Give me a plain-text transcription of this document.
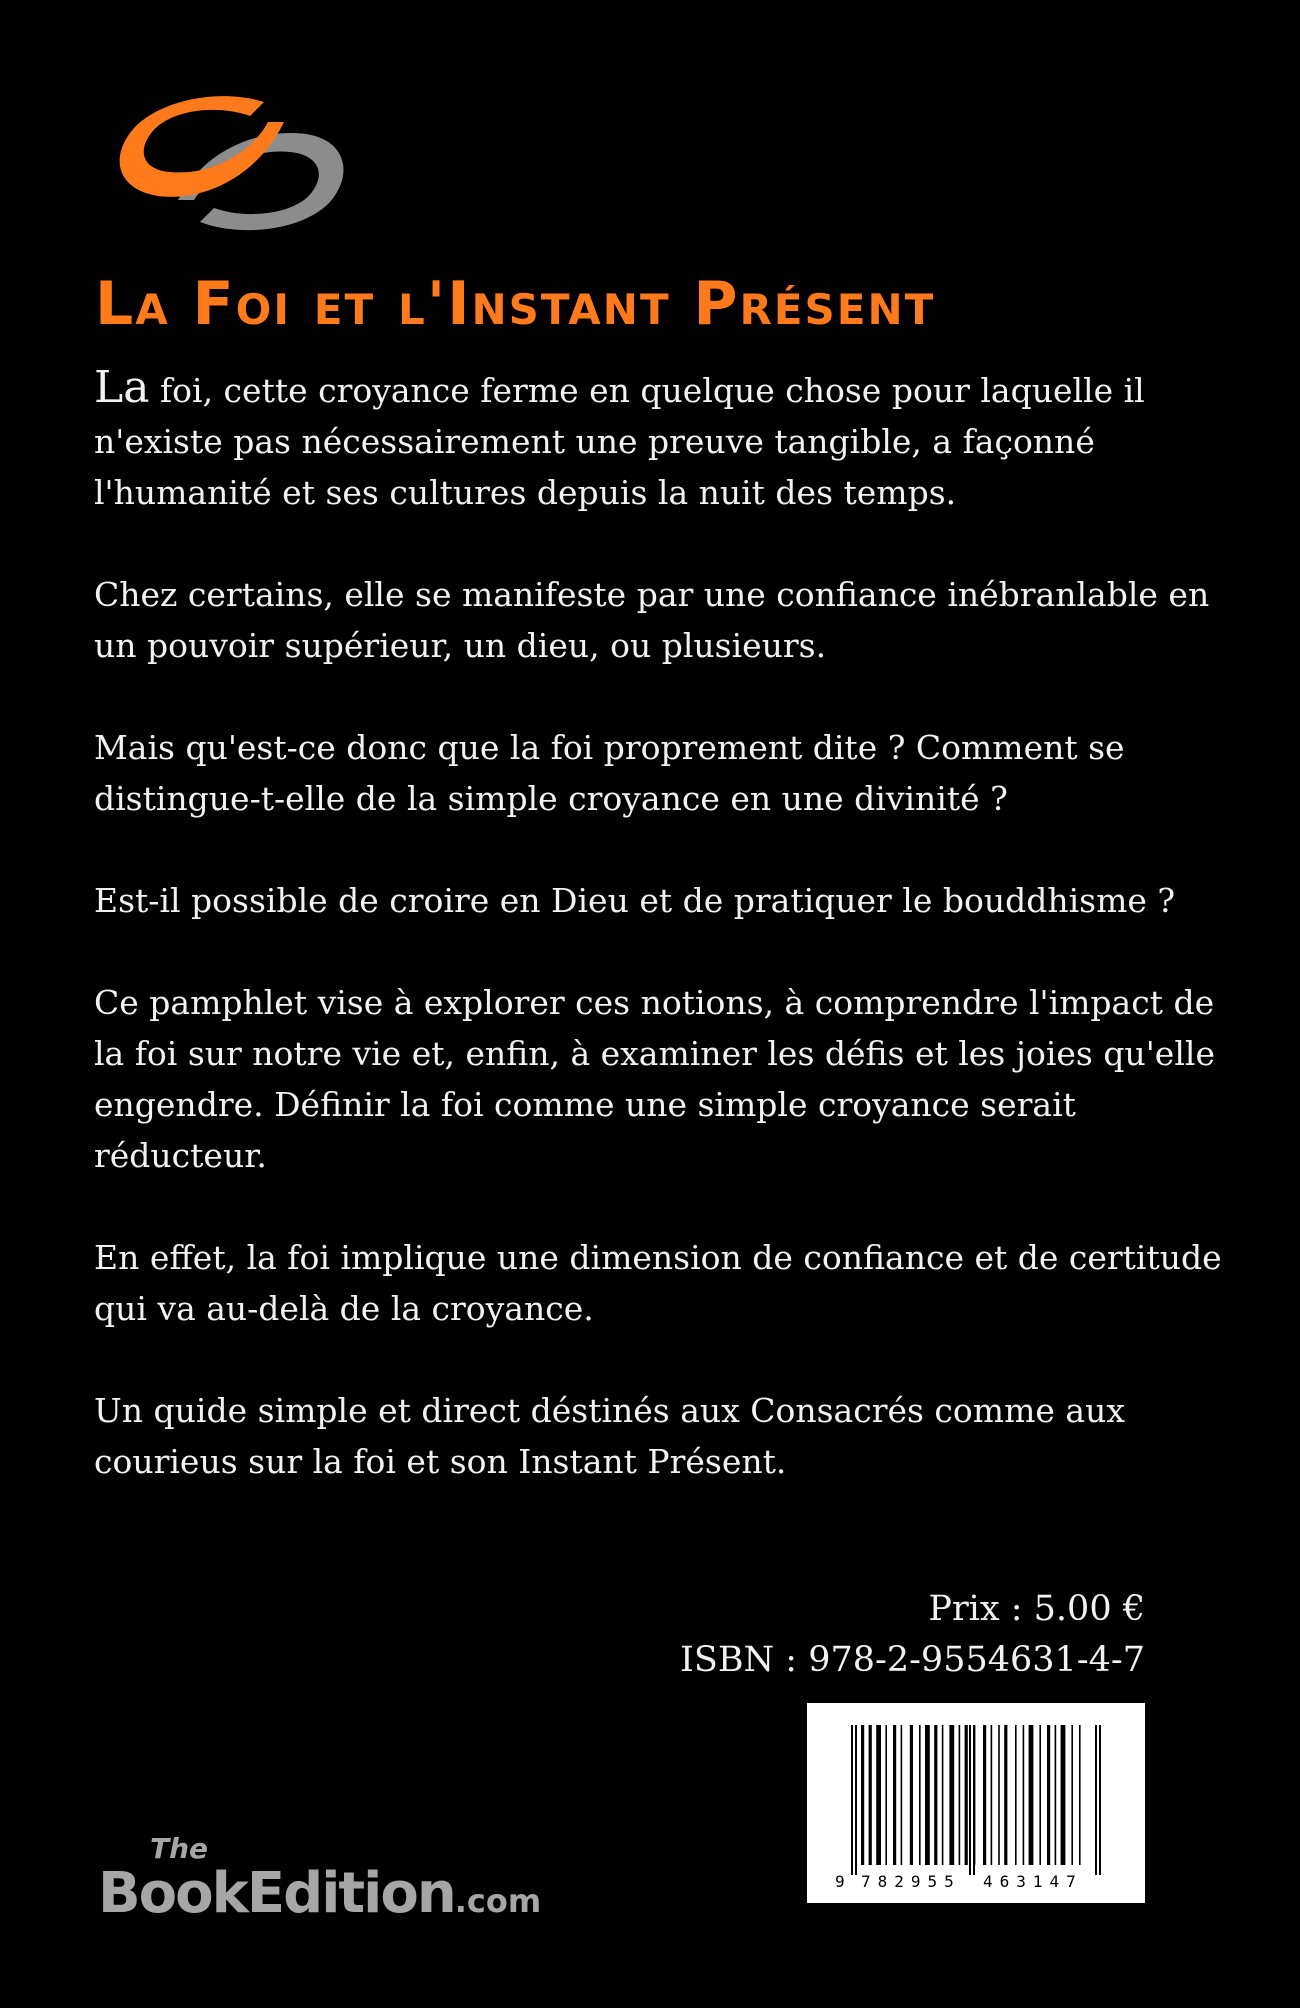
La Foi et l'Instant Présent

La foi, cette croyance ferme en quelque chose pour laquelle il n'existe pas nécessairement une preuve tangible, a façonné l'humanité et ses cultures depuis la nuit des temps.

Chez certains, elle se manifeste par une confiance inébranlable en un pouvoir supérieur, un dieu, ou plusieurs.

Mais qu'est-ce donc que la foi proprement dite ? Comment se distingue-t-elle de la simple croyance en une divinité ?

Est-il possible de croire en Dieu et de pratiquer le bouddhisme ?

Ce pamphlet vise à explorer ces notions, à comprendre l'impact de la foi sur notre vie et, enfin, à examiner les défis et les joies qu'elle engendre. Définir la foi comme une simple croyance serait réducteur.

En effet, la foi implique une dimension de confiance et de certitude qui va au-delà de la croyance.

Un quide simple et direct déstinés aux Consacrés comme aux courieus sur la foi et son Instant Présent.

Prix : 5.00 €
ISBN : 978-2-9554631-4-7
9 782955 463147
The
BookEdition.com
